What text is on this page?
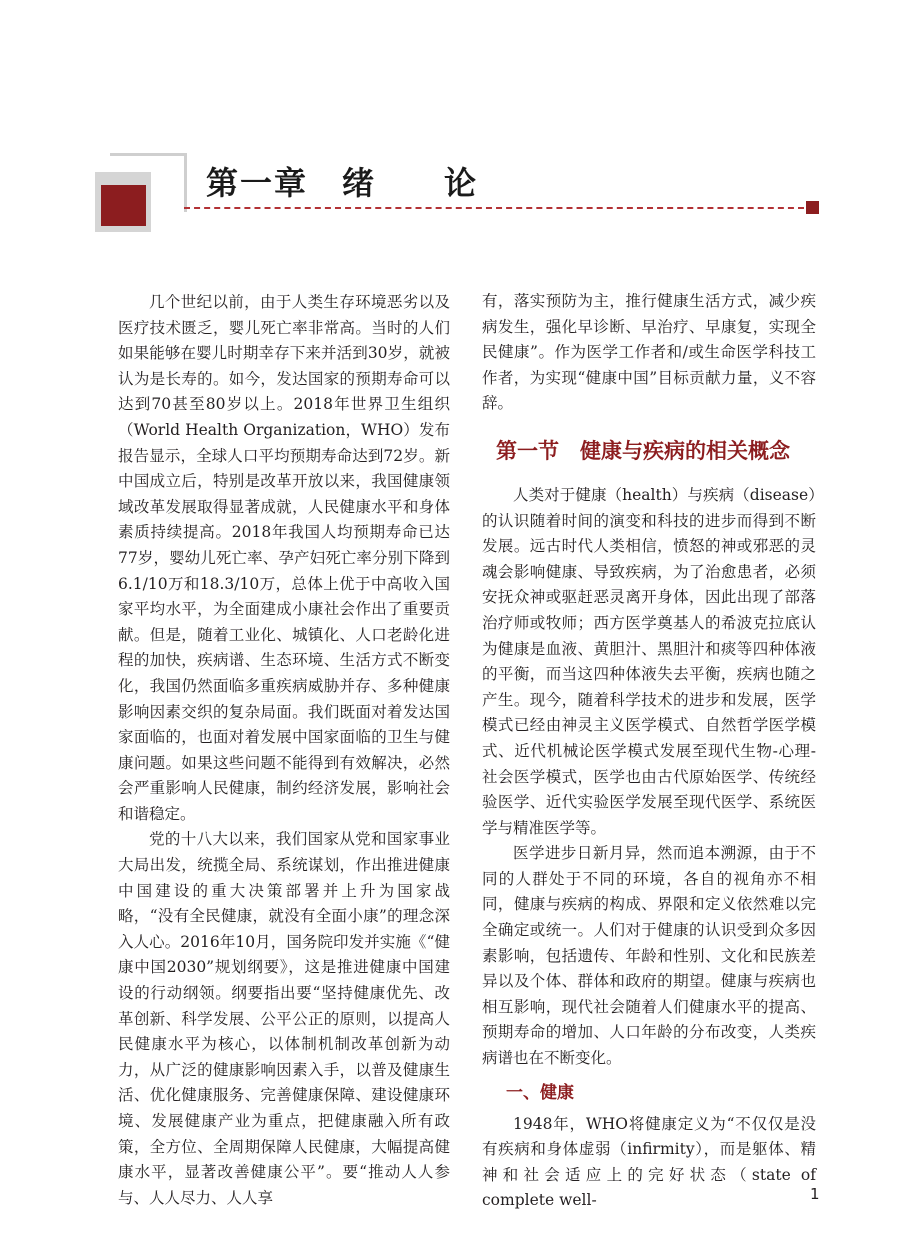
第一章　绪　　论

几个世纪以前，由于人类生存环境恶劣以及医疗技术匮乏，婴儿死亡率非常高。当时的人们如果能够在婴儿时期幸存下来并活到30岁，就被认为是长寿的。如今，发达国家的预期寿命可以达到70甚至80岁以上。2018年世界卫生组织（World Health Organization，WHO）发布报告显示，全球人口平均预期寿命达到72岁。新中国成立后，特别是改革开放以来，我国健康领域改革发展取得显著成就，人民健康水平和身体素质持续提高。2018年我国人均预期寿命已达77岁，婴幼儿死亡率、孕产妇死亡率分别下降到6.1/10万和18.3/10万，总体上优于中高收入国家平均水平，为全面建成小康社会作出了重要贡献。但是，随着工业化、城镇化、人口老龄化进程的加快，疾病谱、生态环境、生活方式不断变化，我国仍然面临多重疾病威胁并存、多种健康影响因素交织的复杂局面。我们既面对着发达国家面临的，也面对着发展中国家面临的卫生与健康问题。如果这些问题不能得到有效解决，必然会严重影响人民健康，制约经济发展，影响社会和谐稳定。

党的十八大以来，我们国家从党和国家事业大局出发，统揽全局、系统谋划，作出推进健康中国建设的重大决策部署并上升为国家战略，“没有全民健康，就没有全面小康”的理念深入人心。2016年10月，国务院印发并实施《“健康中国2030”规划纲要》，这是推进健康中国建设的行动纲领。纲要指出要“坚持健康优先、改革创新、科学发展、公平公正的原则，以提高人民健康水平为核心，以体制机制改革创新为动力，从广泛的健康影响因素入手，以普及健康生活、优化健康服务、完善健康保障、建设健康环境、发展健康产业为重点，把健康融入所有政策，全方位、全周期保障人民健康，大幅提高健康水平，显著改善健康公平”。要“推动人人参与、人人尽力、人人享

有，落实预防为主，推行健康生活方式，减少疾病发生，强化早诊断、早治疗、早康复，实现全民健康”。作为医学工作者和/或生命医学科技工作者，为实现“健康中国”目标贡献力量，义不容辞。

第一节　健康与疾病的相关概念

人类对于健康（health）与疾病（disease）的认识随着时间的演变和科技的进步而得到不断发展。远古时代人类相信，愤怒的神或邪恶的灵魂会影响健康、导致疾病，为了治愈患者，必须安抚众神或驱赶恶灵离开身体，因此出现了部落治疗师或牧师；西方医学奠基人的希波克拉底认为健康是血液、黄胆汁、黑胆汁和痰等四种体液的平衡，而当这四种体液失去平衡，疾病也随之产生。现今，随着科学技术的进步和发展，医学模式已经由神灵主义医学模式、自然哲学医学模式、近代机械论医学模式发展至现代生物-心理-社会医学模式，医学也由古代原始医学、传统经验医学、近代实验医学发展至现代医学、系统医学与精准医学等。

医学进步日新月异，然而追本溯源，由于不同的人群处于不同的环境，各自的视角亦不相同，健康与疾病的构成、界限和定义依然难以完全确定或统一。人们对于健康的认识受到众多因素影响，包括遗传、年龄和性别、文化和民族差异以及个体、群体和政府的期望。健康与疾病也相互影响，现代社会随着人们健康水平的提高、预期寿命的增加、人口年龄的分布改变，人类疾病谱也在不断变化。

一、健康

1948年，WHO将健康定义为“不仅仅是没有疾病和身体虚弱（infirmity），而是躯体、精神和社会适应上的完好状态（state of complete well-	1
